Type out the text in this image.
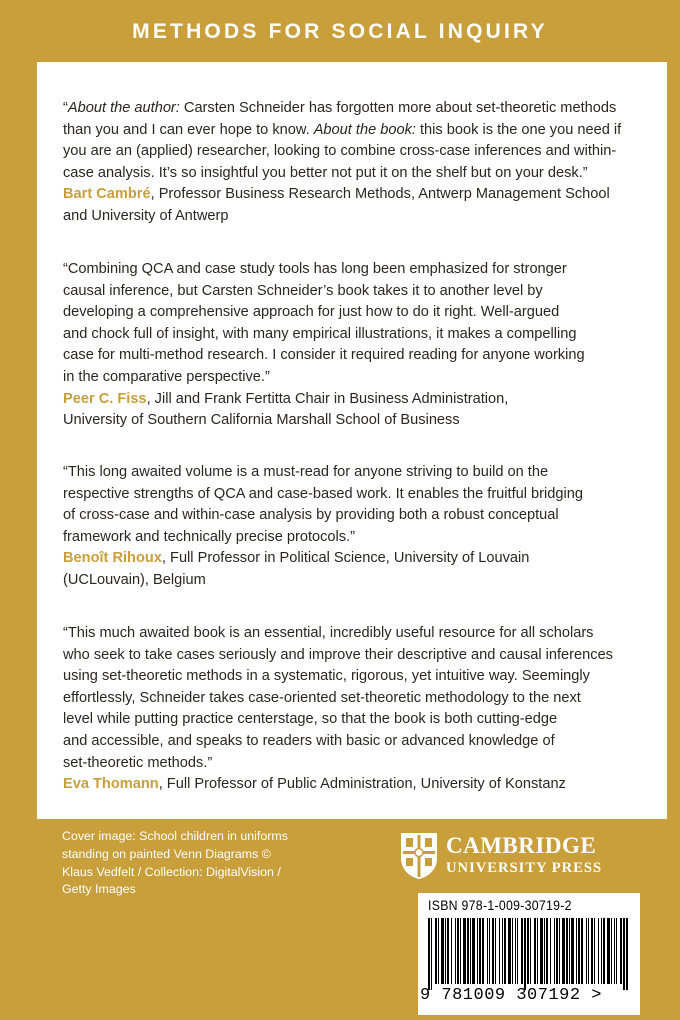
METHODS FOR SOCIAL INQUIRY

“About the author: Carsten Schneider has forgotten more about set-theoretic methods

than you and I can ever hope to know. About the book: this book is the one you need if

you are an (applied) researcher, looking to combine cross-case inferences and within-

case analysis. It’s so insightful you better not put it on the shelf but on your desk.”

Bart Cambré, Professor Business Research Methods, Antwerp Management School

and University of Antwerp

“Combining QCA and case study tools has long been emphasized for stronger

causal inference, but Carsten Schneider’s book takes it to another level by

developing a comprehensive approach for just how to do it right. Well-argued

and chock full of insight, with many empirical illustrations, it makes a compelling

case for multi-method research. I consider it required reading for anyone working

in the comparative perspective.”

Peer C. Fiss, Jill and Frank Fertitta Chair in Business Administration,

University of Southern California Marshall School of Business

“This long awaited volume is a must-read for anyone striving to build on the

respective strengths of QCA and case-based work. It enables the fruitful bridging

of cross-case and within-case analysis by providing both a robust conceptual

framework and technically precise protocols.”

Benoît Rihoux, Full Professor in Political Science, University of Louvain

(UCLouvain), Belgium

“This much awaited book is an essential, incredibly useful resource for all scholars

who seek to take cases seriously and improve their descriptive and causal inferences

using set-theoretic methods in a systematic, rigorous, yet intuitive way. Seemingly

effortlessly, Schneider takes case-oriented set-theoretic methodology to the next

level while putting practice centerstage, so that the book is both cutting-edge

and accessible, and speaks to readers with basic or advanced knowledge of

set-theoretic methods.”

Eva Thomann, Full Professor of Public Administration, University of Konstanz

Cover image: School children in uniforms
standing on painted Venn Diagrams ©
Klaus Vedfelt / Collection: DigitalVision /
Getty Images
CAMBRIDGE
UNIVERSITY PRESS
ISBN 978-1-009-30719-2
9 781009 307192 >
